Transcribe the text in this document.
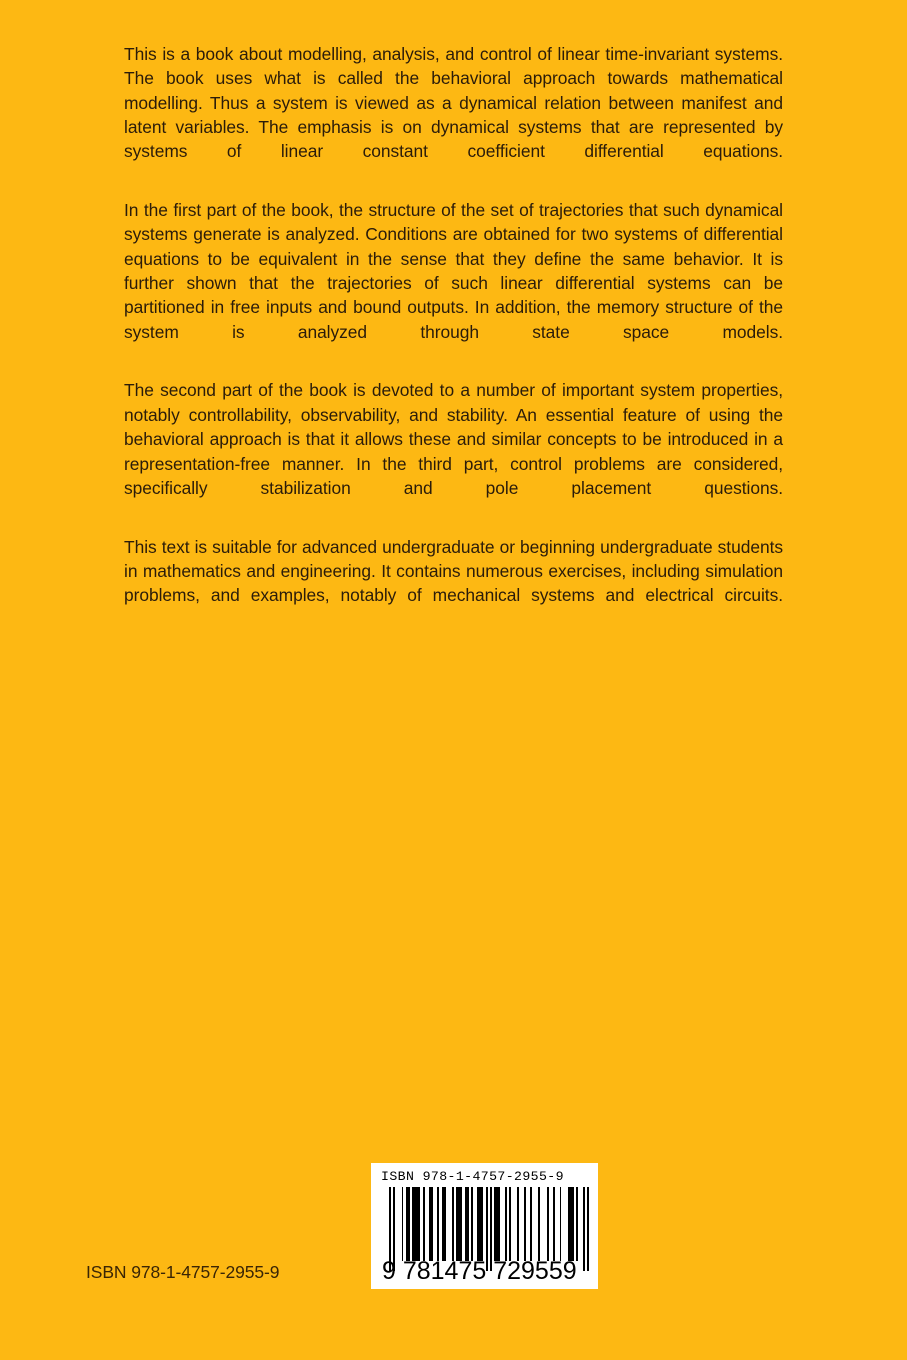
This is a book about modelling, analysis, and control of linear time-invariant systems. The book uses what is called the behavioral approach towards mathematical modelling. Thus a system is viewed as a dynamical relation between manifest and latent variables. The emphasis is on dynamical systems that are represented by systems of linear constant coefficient differential equations.

In the first part of the book, the structure of the set of trajectories that such dynamical systems generate is analyzed. Conditions are obtained for two systems of differential equations to be equivalent in the sense that they define the same behavior. It is further shown that the trajectories of such linear differential systems can be partitioned in free inputs and bound outputs. In addition, the memory structure of the system is analyzed through state space models.

The second part of the book is devoted to a number of important system properties, notably controllability, observability, and stability. An essential feature of using the behavioral approach is that it allows these and similar concepts to be introduced in a representation-free manner. In the third part, control problems are considered, specifically stabilization and pole placement questions.

This text is suitable for advanced undergraduate or beginning undergraduate students in mathematics and engineering. It contains numerous exercises, including simulation problems, and examples, notably of mechanical systems and electrical circuits.

ISBN 978-1-4757-2955-9
ISBN 978-1-4757-2955-9
9 781475 729559
